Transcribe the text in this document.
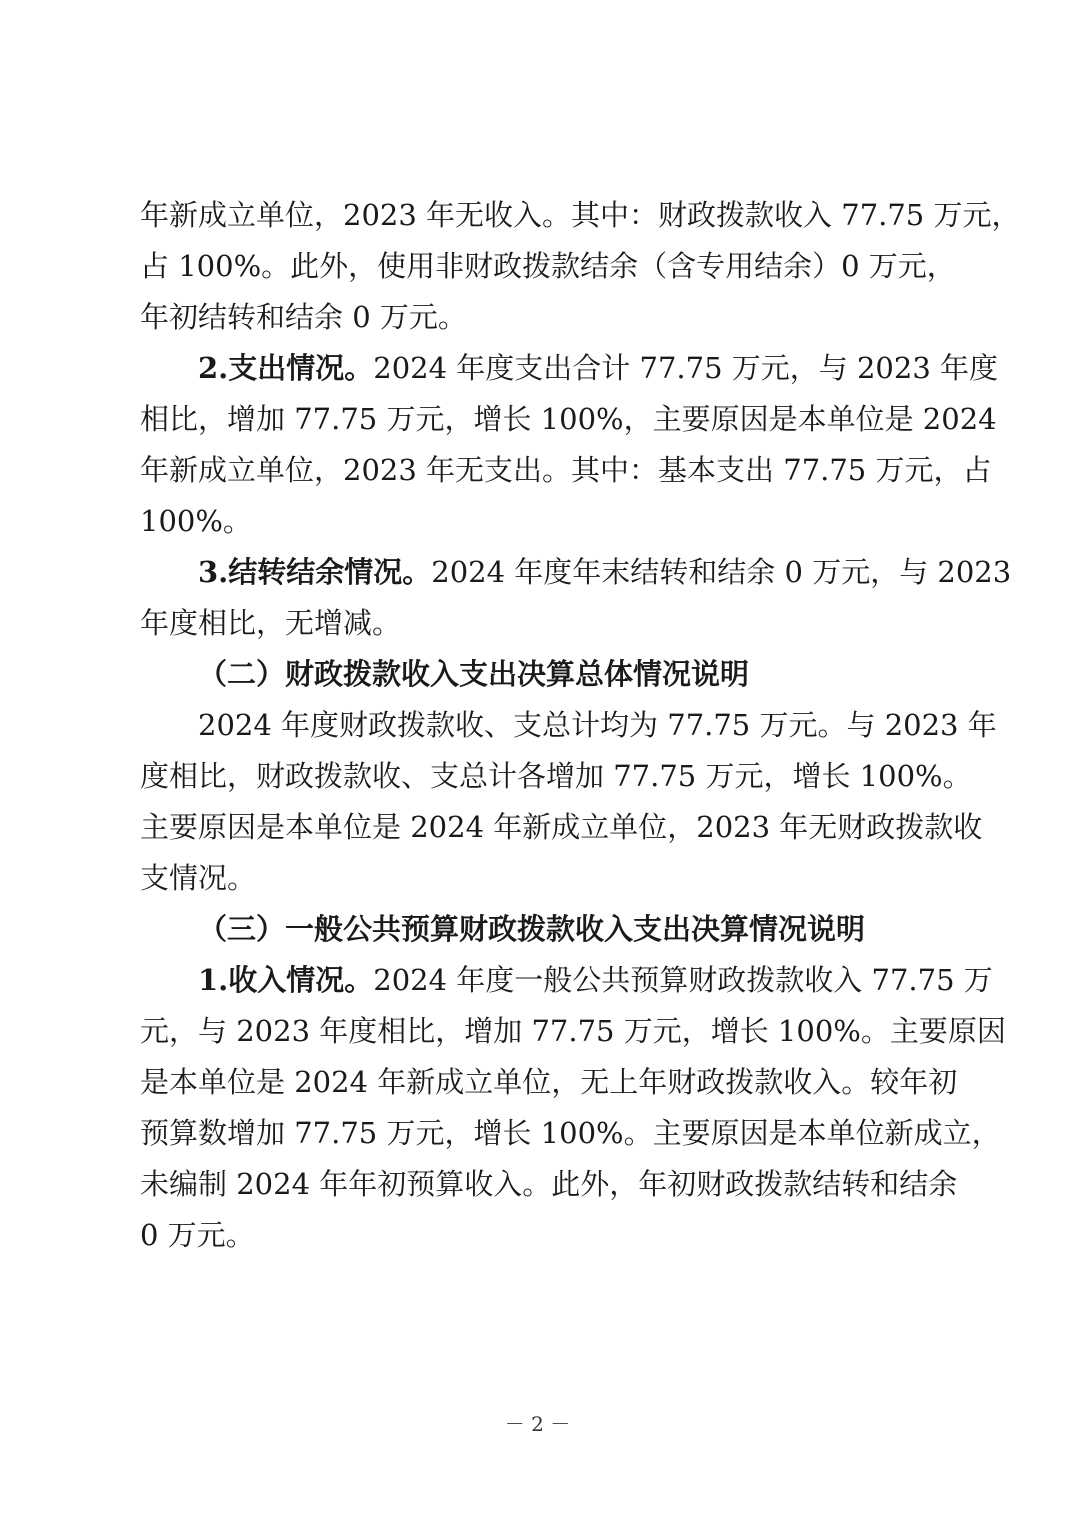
年新成立单位，2023 年无收入。其中：财政拨款收入 77.75 万元，
占 100%。此外，使用非财政拨款结余（含专用结余）0 万元，
年初结转和结余 0 万元。
2.支出情况。2024 年度支出合计 77.75 万元，与 2023 年度
相比，增加 77.75 万元，增长 100%，主要原因是本单位是 2024
年新成立单位，2023 年无支出。其中：基本支出 77.75 万元，占
100%。
3.结转结余情况。2024 年度年末结转和结余 0 万元，与 2023
年度相比，无增减。
（二）财政拨款收入支出决算总体情况说明
2024 年度财政拨款收、支总计均为 77.75 万元。与 2023 年
度相比，财政拨款收、支总计各增加 77.75 万元，增长 100%。
主要原因是本单位是 2024 年新成立单位，2023 年无财政拨款收
支情况。
（三）一般公共预算财政拨款收入支出决算情况说明
1.收入情况。2024 年度一般公共预算财政拨款收入 77.75 万
元，与 2023 年度相比，增加 77.75 万元，增长 100%。主要原因
是本单位是 2024 年新成立单位，无上年财政拨款收入。较年初
预算数增加 77.75 万元，增长 100%。主要原因是本单位新成立，
未编制 2024 年年初预算收入。此外，年初财政拨款结转和结余
0 万元。
－ 2 －
